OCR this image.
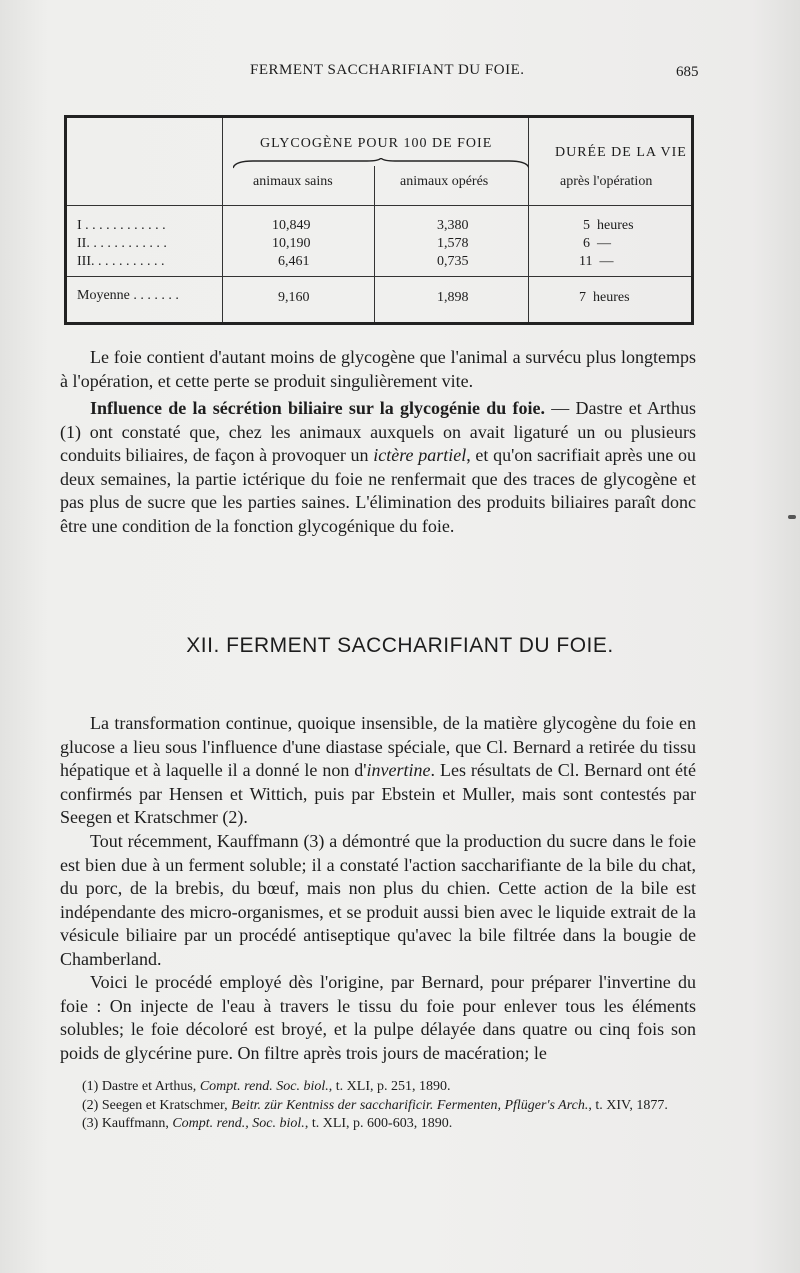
FERMENT SACCHARIFIANT DU FOIE.	685
GLYCOGÈNE POUR 100 DE FOIE
animaux sains	animaux opérés
DURÉE DE LA VIE
après l'opération
I . . . . . . . . . . . .	10,849	3,380	5  heures
II. . . . . . . . . . . .	10,190	1,578	6  —
III. . . . . . . . . . .	6,461	0,735	11  —
Moyenne . . . . . . .	9,160	1,898	7  heures

Le foie contient d'autant moins de glycogène que l'animal a survécu plus longtemps à l'opération, et cette perte se produit singulièrement vite.

Influence de la sécrétion biliaire sur la glycogénie du foie. — Dastre et Arthus (1) ont constaté que, chez les animaux auxquels on avait ligaturé un ou plusieurs conduits biliaires, de façon à provoquer un ictère partiel, et qu'on sacrifiait après une ou deux semaines, la partie ictérique du foie ne renfermait que des traces de glycogène et pas plus de sucre que les parties saines. L'élimination des produits biliaires paraît donc être une condition de la fonction glycogénique du foie.

XII. FERMENT SACCHARIFIANT DU FOIE.

La transformation continue, quoique insensible, de la matière glycogène du foie en glucose a lieu sous l'influence d'une diastase spéciale, que Cl. Bernard a retirée du tissu hépatique et à laquelle il a donné le non d'invertine. Les résultats de Cl. Bernard ont été confirmés par Hensen et Wittich, puis par Ebstein et Muller, mais sont contestés par Seegen et Kratschmer (2).

Tout récemment, Kauffmann (3) a démontré que la production du sucre dans le foie est bien due à un ferment soluble; il a constaté l'action saccharifiante de la bile du chat, du porc, de la brebis, du bœuf, mais non plus du chien. Cette action de la bile est indépendante des micro-organismes, et se produit aussi bien avec le liquide extrait de la vésicule biliaire par un procédé antiseptique qu'avec la bile filtrée dans la bougie de Chamberland.

Voici le procédé employé dès l'origine, par Bernard, pour préparer l'invertine du foie : On injecte de l'eau à travers le tissu du foie pour enlever tous les éléments solubles; le foie décoloré est broyé, et la pulpe délayée dans quatre ou cinq fois son poids de glycérine pure. On filtre après trois jours de macération; le

(1) Dastre et Arthus, Compt. rend. Soc. biol., t. XLI, p. 251, 1890.

(2) Seegen et Kratschmer, Beitr. zür Kentniss der saccharificir. Fermenten, Pflüger's Arch., t. XIV, 1877.

(3) Kauffmann, Compt. rend., Soc. biol., t. XLI, p. 600-603, 1890.
